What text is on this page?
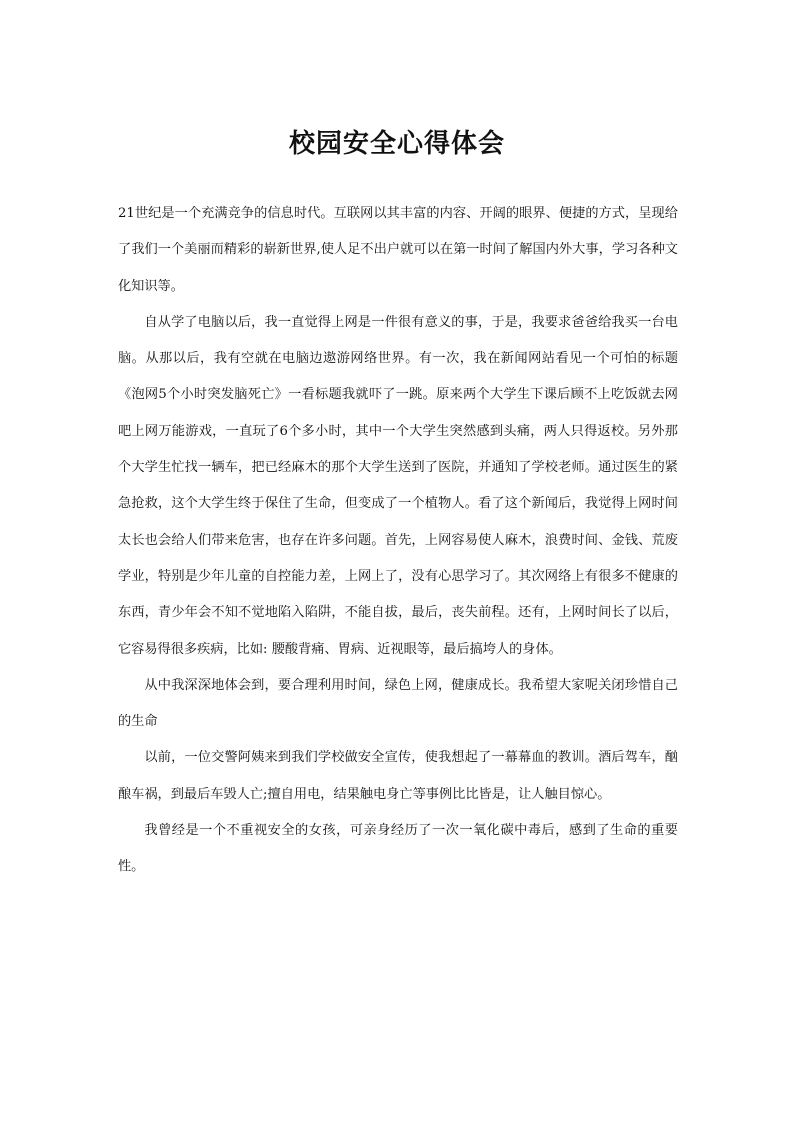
校园安全心得体会

21世纪是一个充满竞争的信息时代。互联网以其丰富的内容、开阔的眼界、便捷的方式，呈现给了我们一个美丽而精彩的崭新世界,使人足不出户就可以在第一时间了解国内外大事，学习各种文化知识等。

自从学了电脑以后，我一直觉得上网是一件很有意义的事，于是，我要求爸爸给我买一台电脑。从那以后，我有空就在电脑边遨游网络世界。有一次，我在新闻网站看见一个可怕的标题《泡网5个小时突发脑死亡》一看标题我就吓了一跳。原来两个大学生下课后顾不上吃饭就去网吧上网万能游戏，一直玩了6个多小时，其中一个大学生突然感到头痛，两人只得返校。另外那个大学生忙找一辆车，把已经麻木的那个大学生送到了医院，并通知了学校老师。通过医生的紧急抢救，这个大学生终于保住了生命，但变成了一个植物人。看了这个新闻后，我觉得上网时间太长也会给人们带来危害，也存在许多问题。首先，上网容易使人麻木，浪费时间、金钱、荒废学业，特别是少年儿童的自控能力差，上网上了，没有心思学习了。其次网络上有很多不健康的东西，青少年会不知不觉地陷入陷阱，不能自拔，最后，丧失前程。还有，上网时间长了以后，它容易得很多疾病，比如: 腰酸背痛、胃病、近视眼等，最后搞垮人的身体。

从中我深深地体会到，要合理利用时间，绿色上网，健康成长。我希望大家呢关闭珍惜自己的生命

以前，一位交警阿姨来到我们学校做安全宣传，使我想起了一幕幕血的教训。酒后驾车，酗酿车祸，到最后车毁人亡;擅自用电，结果触电身亡等事例比比皆是，让人触目惊心。

我曾经是一个不重视安全的女孩，可亲身经历了一次一氧化碳中毒后，感到了生命的重要性。
